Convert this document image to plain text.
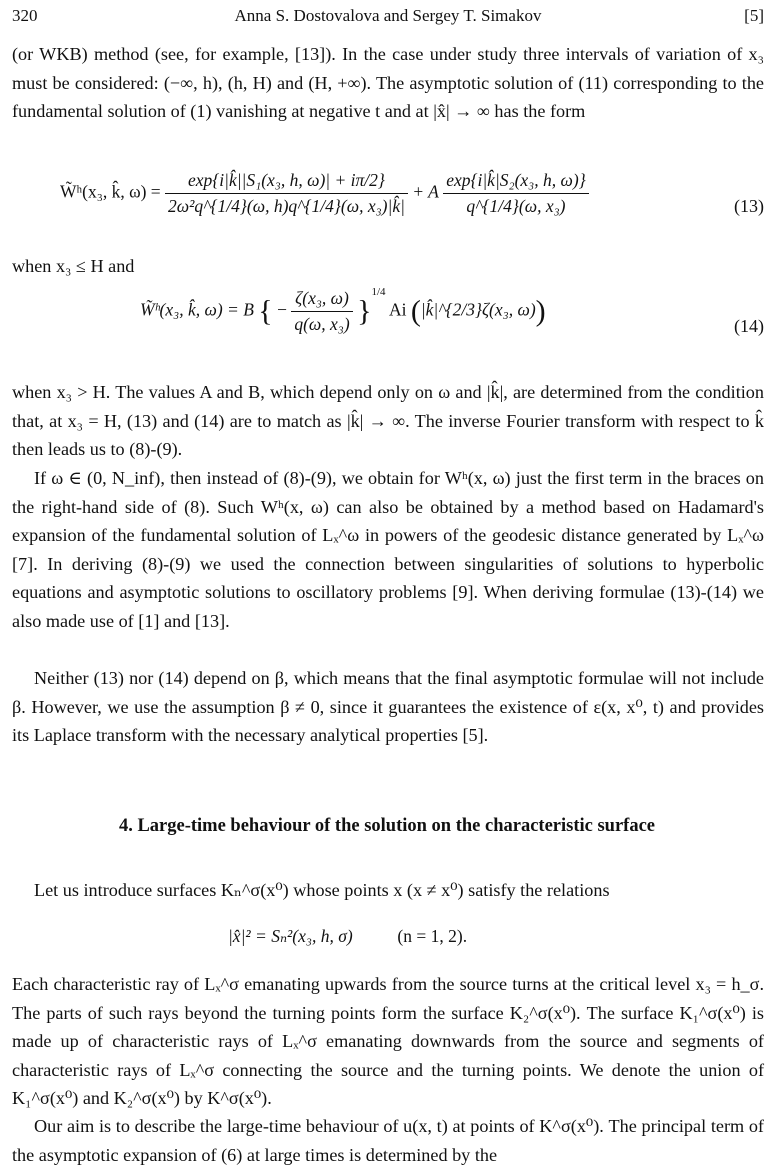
320	Anna S. Dostovalova and Sergey T. Simakov	[5]

(or WKB) method (see, for example, [13]). In the case under study three intervals of variation of x₃ must be considered: (−∞, h), (h, H) and (H, +∞). The asymptotic solution of (11) corresponding to the fundamental solution of (1) vanishing at negative t and at |x̂| → ∞ has the form

W̃ʰ(x₃, k̂, $\omega) = \frac{\text{exp\{i|k̂||S₁(x₃, h, ω)| + iπ/2\}}}{\text{2ω²q\textasciicircum{}\{1/4\}(ω, h)q\textasciicircum{}\{1/4\}(ω, x₃)|k̂|}} + A \frac{\text{exp\{i|k̂|S₂(x₃, h, ω)\}}}{\text{q\textasciicircum{}\{1/4\}(ω, x₃)}}$	(13)

when x₃ ≤ H and

W̃ʰ(x₃, k̂, ω) = B { − $\frac{\text{ζ(x₃, ω)}}{\text{q(ω, x₃)}} \}^{1/4}$ Ai (|k̂|^{2/3}ζ(x₃, ω))	(14)

when x₃ > H. The values A and B, which depend only on ω and |k̂|, are determined from the condition that, at x₃ = H, (13) and (14) are to match as |k̂| → ∞. The inverse Fourier transform with respect to k̂ then leads us to (8)-(9).

If ω ∈ (0, N_inf), then instead of (8)-(9), we obtain for Wʰ(x, ω) just the first term in the braces on the right-hand side of (8). Such Wʰ(x, ω) can also be obtained by a method based on Hadamard's expansion of the fundamental solution of Lₓ^ω in powers of the geodesic distance generated by Lₓ^ω [7]. In deriving (8)-(9) we used the connection between singularities of solutions to hyperbolic equations and asymptotic solutions to oscillatory problems [9]. When deriving formulae (13)-(14) we also made use of [1] and [13].

Neither (13) nor (14) depend on β, which means that the final asymptotic formulae will not include β. However, we use the assumption β ≠ 0, since it guarantees the existence of ε(x, x⁰, t) and provides its Laplace transform with the necessary analytical properties [5].

4. Large-time behaviour of the solution on the characteristic surface

Let us introduce surfaces Kₙ^σ(x⁰) whose points x (x ≠ x⁰) satisfy the relations

|x̂|² = Sₙ²(x₃, h, σ)	(n = 1, 2).

Each characteristic ray of Lₓ^σ emanating upwards from the source turns at the critical level x₃ = h_σ. The parts of such rays beyond the turning points form the surface K₂^σ(x⁰). The surface K₁^σ(x⁰) is made up of characteristic rays of Lₓ^σ emanating downwards from the source and segments of characteristic rays of Lₓ^σ connecting the source and the turning points. We denote the union of K₁^σ(x⁰) and K₂^σ(x⁰) by K^σ(x⁰).

Our aim is to describe the large-time behaviour of u(x, t) at points of K^σ(x⁰). The principal term of the asymptotic expansion of (6) at large times is determined by the
